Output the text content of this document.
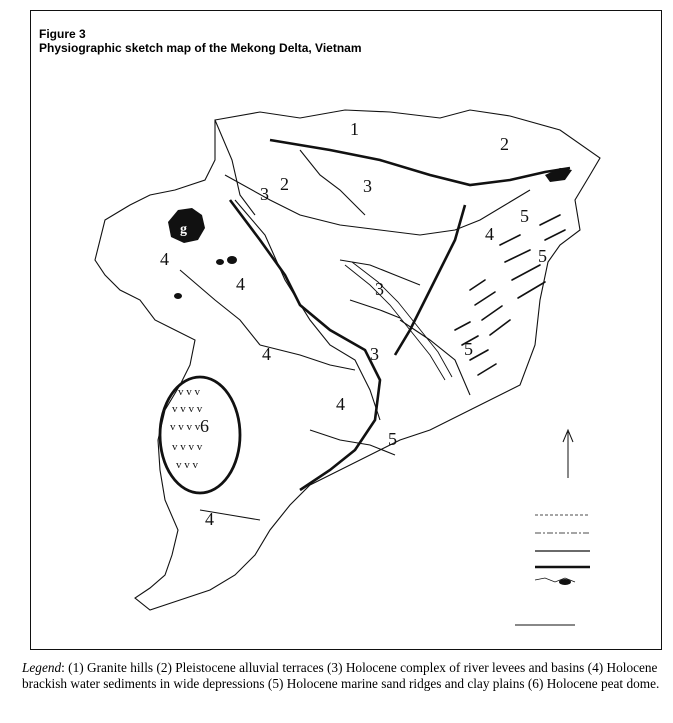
Figure 3
Physiographic sketch map of the Mekong Delta, Vietnam
g
v v v
v v v v
v v v v
v v v v
v v v
1
2
2
3
3
3	3
4
4
4
4
4
4
5
5
5
5
6
Legend: (1) Granite hills (2) Pleistocene alluvial terraces (3) Holocene complex of river levees and basins (4) Holocene brackish water sediments in wide depressions (5) Holocene marine sand ridges and clay plains (6) Holocene peat dome.
